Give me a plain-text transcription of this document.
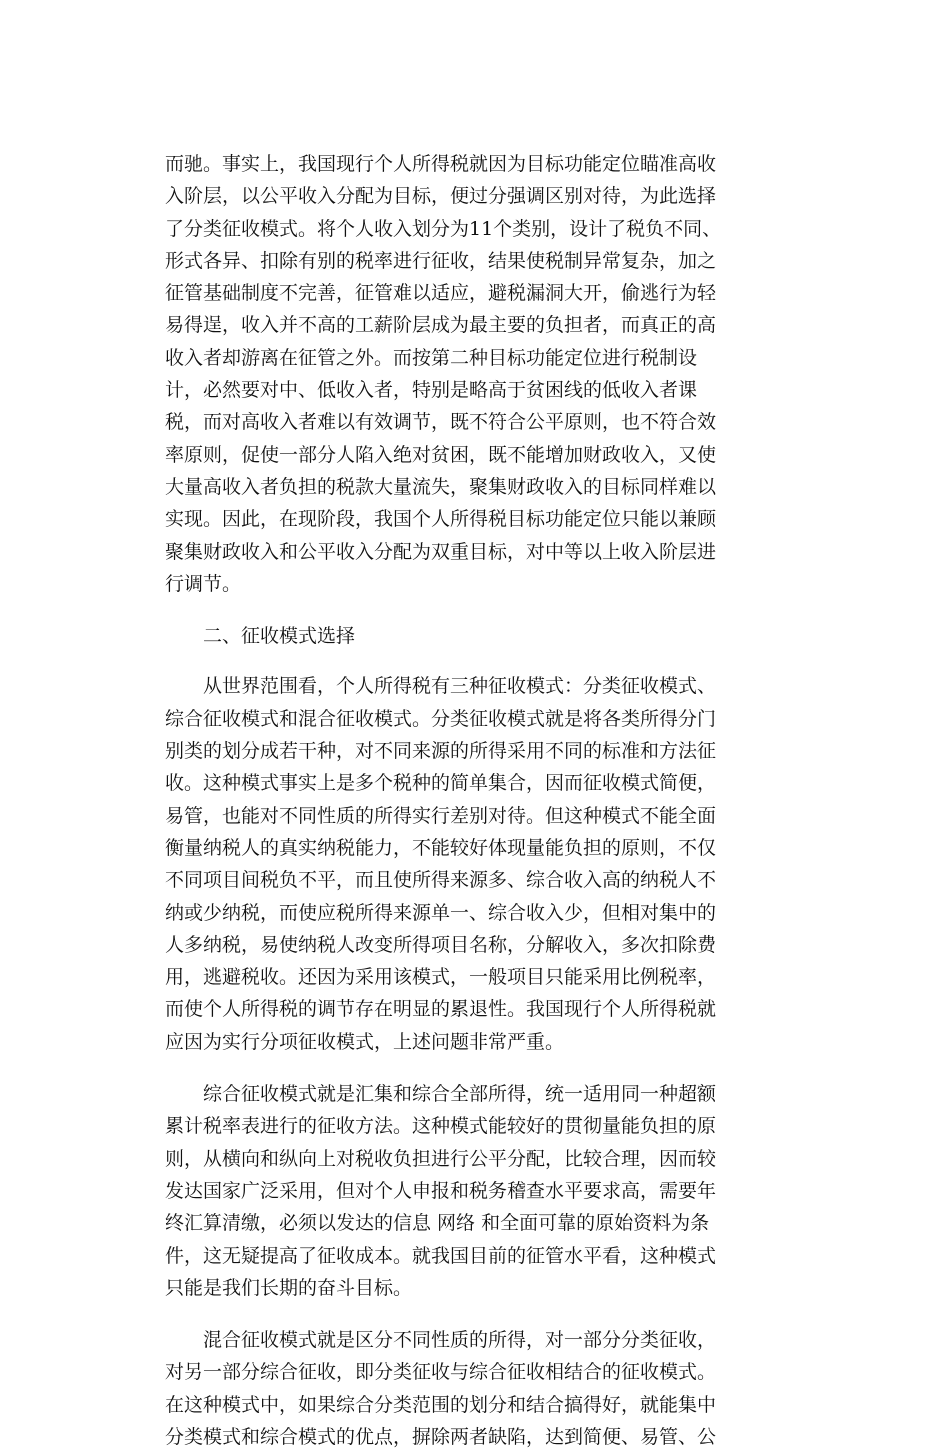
而驰。事实上，我国现行个人所得税就因为目标功能定位瞄准高收
入阶层，以公平收入分配为目标，便过分强调区别对待，为此选择
了分类征收模式。将个人收入划分为11个类别，设计了税负不同、
形式各异、扣除有别的税率进行征收，结果使税制异常复杂，加之
征管基础制度不完善，征管难以适应，避税漏洞大开，偷逃行为轻
易得逞，收入并不高的工薪阶层成为最主要的负担者，而真正的高
收入者却游离在征管之外。而按第二种目标功能定位进行税制设
计，必然要对中、低收入者，特别是略高于贫困线的低收入者课
税，而对高收入者难以有效调节，既不符合公平原则，也不符合效
率原则，促使一部分人陷入绝对贫困，既不能增加财政收入，又使
大量高收入者负担的税款大量流失，聚集财政收入的目标同样难以
实现。因此，在现阶段，我国个人所得税目标功能定位只能以兼顾
聚集财政收入和公平收入分配为双重目标，对中等以上收入阶层进
行调节。

二、征收模式选择

　　从世界范围看，个人所得税有三种征收模式：分类征收模式、
综合征收模式和混合征收模式。分类征收模式就是将各类所得分门
别类的划分成若干种，对不同来源的所得采用不同的标准和方法征
收。这种模式事实上是多个税种的简单集合，因而征收模式简便，
易管，也能对不同性质的所得实行差别对待。但这种模式不能全面
衡量纳税人的真实纳税能力，不能较好体现量能负担的原则，不仅
不同项目间税负不平，而且使所得来源多、综合收入高的纳税人不
纳或少纳税，而使应税所得来源单一、综合收入少，但相对集中的
人多纳税，易使纳税人改变所得项目名称，分解收入，多次扣除费
用，逃避税收。还因为采用该模式，一般项目只能采用比例税率，
而使个人所得税的调节存在明显的累退性。我国现行个人所得税就
应因为实行分项征收模式，上述问题非常严重。

　　综合征收模式就是汇集和综合全部所得，统一适用同一种超额
累计税率表进行的征收方法。这种模式能较好的贯彻量能负担的原
则，从横向和纵向上对税收负担进行公平分配，比较合理，因而较
发达国家广泛采用，但对个人申报和税务稽查水平要求高，需要年
终汇算清缴，必须以发达的信息 网络 和全面可靠的原始资料为条
件，这无疑提高了征收成本。就我国目前的征管水平看，这种模式
只能是我们长期的奋斗目标。

　　混合征收模式就是区分不同性质的所得，对一部分分类征收，
对另一部分综合征收，即分类征收与综合征收相结合的征收模式。
在这种模式中，如果综合分类范围的划分和结合搞得好，就能集中
分类模式和综合模式的优点，摒除两者缺陷，达到简便、易管、公
